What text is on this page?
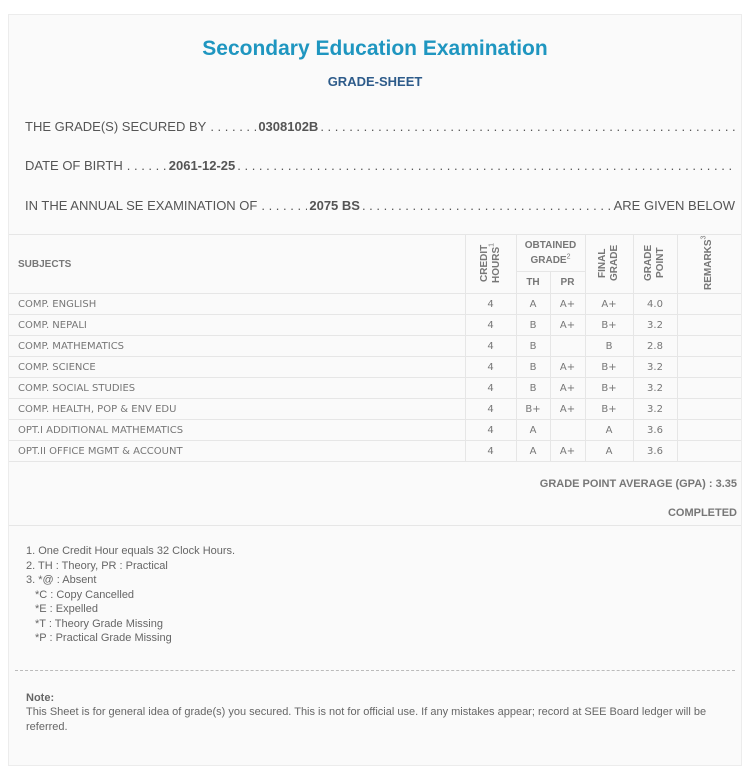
Secondary Education Examination
GRADE-SHEET
THE GRADE(S) SECURED BY . . .	0308102B
. . .
DATE OF BIRTH . . .	2061-12-25
. . .
IN THE ANNUAL SE EXAMINATION OF . . .	2075 BS . . .	ARE GIVEN BELOW
SUBJECTS	CREDIT HOURS$^1$	OBTAINED GRADE$^2$		FINAL GRADE	GRADE POINT	REMARKS$^3$
		TH	PR			
COMP. ENGLISH	4	A	A+	A+	4.0	
COMP. NEPALI	4	B	A+	B+	3.2	
COMP. MATHEMATICS	4	B		B	2.8	
COMP. SCIENCE	4	B	A+	B+	3.2	
COMP. SOCIAL STUDIES	4	B	A+	B+	3.2	
COMP. HEALTH, POP & ENV EDU	4	B+	A+	B+	3.2	
OPT.I ADDITIONAL MATHEMATICS	4	A		A	3.6	
OPT.II OFFICE MGMT & ACCOUNT	4	A	A+	A	3.6	
GRADE POINT AVERAGE (GPA) : 3.35
COMPLETED
1. One Credit Hour equals 32 Clock Hours.
2. TH : Theory, PR : Practical
3. *@ : Absent
*C : Copy Cancelled
*E : Expelled
*T : Theory Grade Missing
*P : Practical Grade Missing
Note:
This Sheet is for general idea of grade(s) you secured. This is not for official use. If any mistakes appear; record at SEE Board ledger will be referred.
